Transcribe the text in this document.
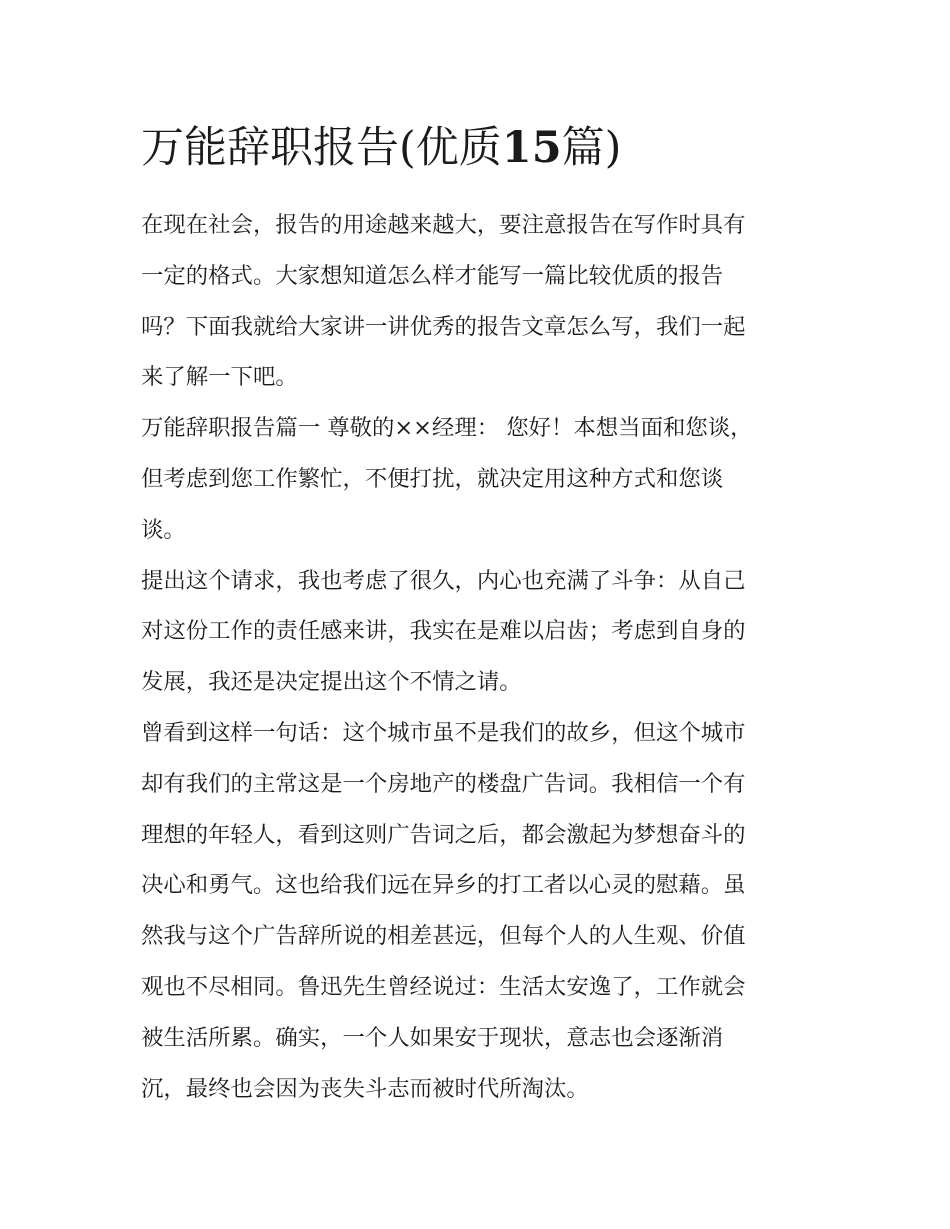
万能辞职报告(优质15篇)

在现在社会，报告的用途越来越大，要注意报告在写作时具有
一定的格式。大家想知道怎么样才能写一篇比较优质的报告
吗？下面我就给大家讲一讲优秀的报告文章怎么写，我们一起
来了解一下吧。

万能辞职报告篇一 尊敬的××经理： 您好！本想当面和您谈，
但考虑到您工作繁忙，不便打扰，就决定用这种方式和您谈
谈。

提出这个请求，我也考虑了很久，内心也充满了斗争：从自己
对这份工作的责任感来讲，我实在是难以启齿；考虑到自身的
发展，我还是决定提出这个不情之请。

曾看到这样一句话：这个城市虽不是我们的故乡，但这个城市
却有我们的主常这是一个房地产的楼盘广告词。我相信一个有
理想的年轻人，看到这则广告词之后，都会激起为梦想奋斗的
决心和勇气。这也给我们远在异乡的打工者以心灵的慰藉。虽
然我与这个广告辞所说的相差甚远，但每个人的人生观、价值
观也不尽相同。鲁迅先生曾经说过：生活太安逸了，工作就会
被生活所累。确实，一个人如果安于现状，意志也会逐渐消
沉，最终也会因为丧失斗志而被时代所淘汰。
